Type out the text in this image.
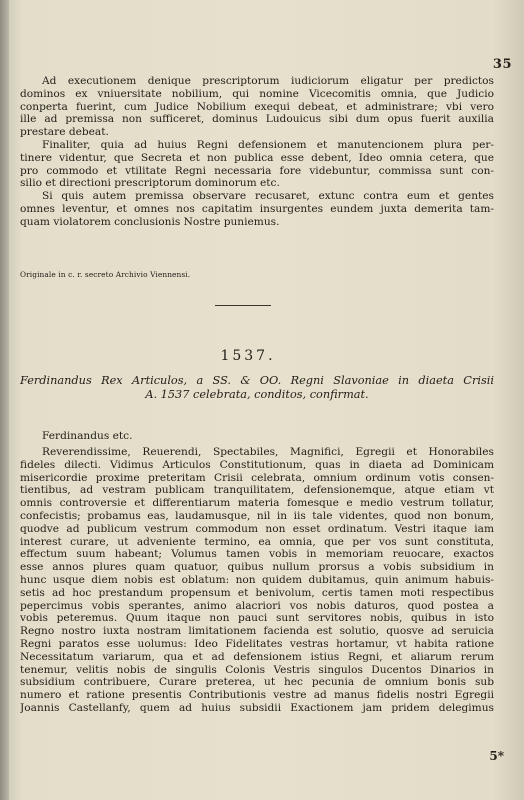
35
Ad executionem denique prescriptorum iudiciorum eligatur per predictos
dominos ex vniuersitate nobilium, qui nomine Vicecomitis omnia, que Judicio
conperta fuerint, cum Judice Nobilium exequi debeat, et administrare; vbi vero
ille ad premissa non sufficeret, dominus Ludouicus sibi dum opus fuerit auxilia
prestare debeat.
Finaliter, quia ad huius Regni defensionem et manutencionem plura per-
tinere videntur, que Secreta et non publica esse debent, Ideo omnia cetera, que
pro commodo et vtilitate Regni necessaria fore videbuntur, commissa sunt con-
silio et directioni prescriptorum dominorum etc.
Si quis autem premissa observare recusaret, extunc contra eum et gentes
omnes leventur, et omnes nos capitatim insurgentes eundem juxta demerita tam-
quam violatorem conclusionis Nostre puniemus.
Originale in c. r. secreto Archivio Viennensi.
1537.
Ferdinandus Rex Articulos, a SS. & OO. Regni Slavoniae in diaeta Crisii
A. 1537 celebrata, conditos, confirmat.
Ferdinandus etc.
Reverendissime, Reuerendi, Spectabiles, Magnifici, Egregii et Honorabiles
fideles dilecti. Vidimus Articulos Constitutionum, quas in diaeta ad Dominicam
misericordie proxime preteritam Crisii celebrata, omnium ordinum votis consen-
tientibus, ad vestram publicam tranquilitatem, defensionemque, atque etiam vt
omnis controversie et differentiarum materia fomesque e medio vestrum tollatur,
confecistis; probamus eas, laudamusque, nil in iis tale videntes, quod non bonum,
quodve ad publicum vestrum commodum non esset ordinatum. Vestri itaque iam
interest curare, ut adveniente termino, ea omnia, que per vos sunt constituta,
effectum suum habeant; Volumus tamen vobis in memoriam reuocare, exactos
esse annos plures quam quatuor, quibus nullum prorsus a vobis subsidium in
hunc usque diem nobis est oblatum: non quidem dubitamus, quin animum habuis-
setis ad hoc prestandum propensum et benivolum, certis tamen moti respectibus
pepercimus vobis sperantes, animo alacriori vos nobis daturos, quod postea a
vobis peteremus. Quum itaque non pauci sunt servitores nobis, quibus in isto
Regno nostro iuxta nostram limitationem facienda est solutio, quosve ad seruicia
Regni paratos esse uolumus: Ideo Fidelitates vestras hortamur, vt habita ratione
Necessitatum variarum, qua et ad defensionem istius Regni, et aliarum rerum
tenemur, velitis nobis de singulis Colonis Vestris singulos Ducentos Dinarios in
subsidium contribuere, Curare preterea, ut hec pecunia de omnium bonis sub
numero et ratione presentis Contributionis vestre ad manus fidelis nostri Egregii
Joannis Castellanfy, quem ad huius subsidii Exactionem jam pridem delegimus
5*
